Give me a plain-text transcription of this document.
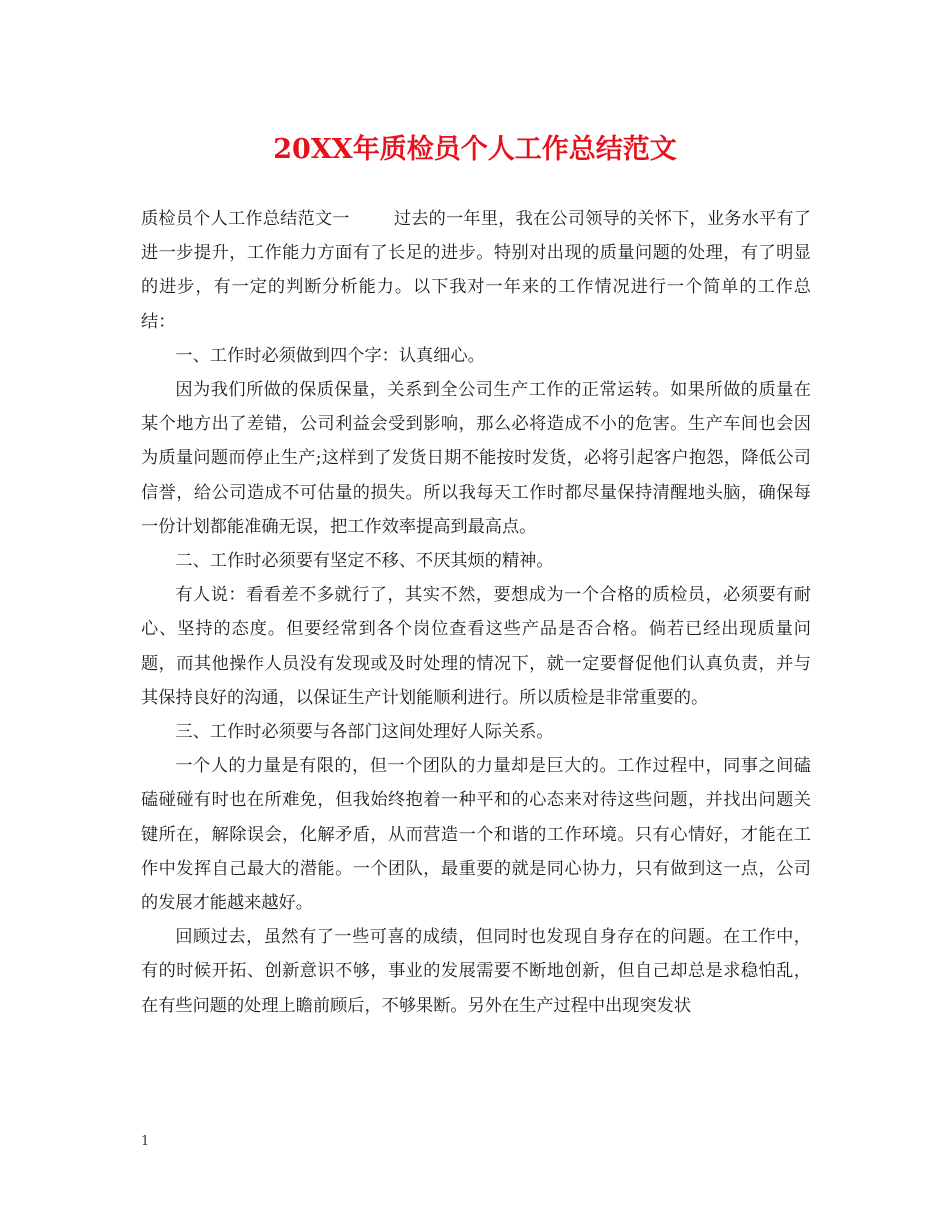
20XX年质检员个人工作总结范文

质检员个人工作总结范文一	过去的一年里，我在公司领导的关怀下，业务水平有了进一步提升，工作能力方面有了长足的进步。特别对出现的质量问题的处理，有了明显的进步，有一定的判断分析能力。以下我对一年来的工作情况进行一个简单的工作总结：

一、工作时必须做到四个字：认真细心。

因为我们所做的保质保量，关系到全公司生产工作的正常运转。如果所做的质量在某个地方出了差错，公司利益会受到影响，那么必将造成不小的危害。生产车间也会因为质量问题而停止生产;这样到了发货日期不能按时发货，必将引起客户抱怨，降低公司信誉，给公司造成不可估量的损失。所以我每天工作时都尽量保持清醒地头脑，确保每一份计划都能准确无误，把工作效率提高到最高点。

二、工作时必须要有坚定不移、不厌其烦的精神。

有人说：看看差不多就行了，其实不然，要想成为一个合格的质检员，必须要有耐心、坚持的态度。但要经常到各个岗位查看这些产品是否合格。倘若已经出现质量问题，而其他操作人员没有发现或及时处理的情况下，就一定要督促他们认真负责，并与其保持良好的沟通，以保证生产计划能顺利进行。所以质检是非常重要的。

三、工作时必须要与各部门这间处理好人际关系。

一个人的力量是有限的，但一个团队的力量却是巨大的。工作过程中，同事之间磕磕碰碰有时也在所难免，但我始终抱着一种平和的心态来对待这些问题，并找出问题关键所在，解除误会，化解矛盾，从而营造一个和谐的工作环境。只有心情好，才能在工作中发挥自己最大的潜能。一个团队，最重要的就是同心协力，只有做到这一点，公司的发展才能越来越好。

回顾过去，虽然有了一些可喜的成绩，但同时也发现自身存在的问题。在工作中，有的时候开拓、创新意识不够，事业的发展需要不断地创新，但自己却总是求稳怕乱，在有些问题的处理上瞻前顾后，不够果断。另外在生产过程中出现突发状

1
